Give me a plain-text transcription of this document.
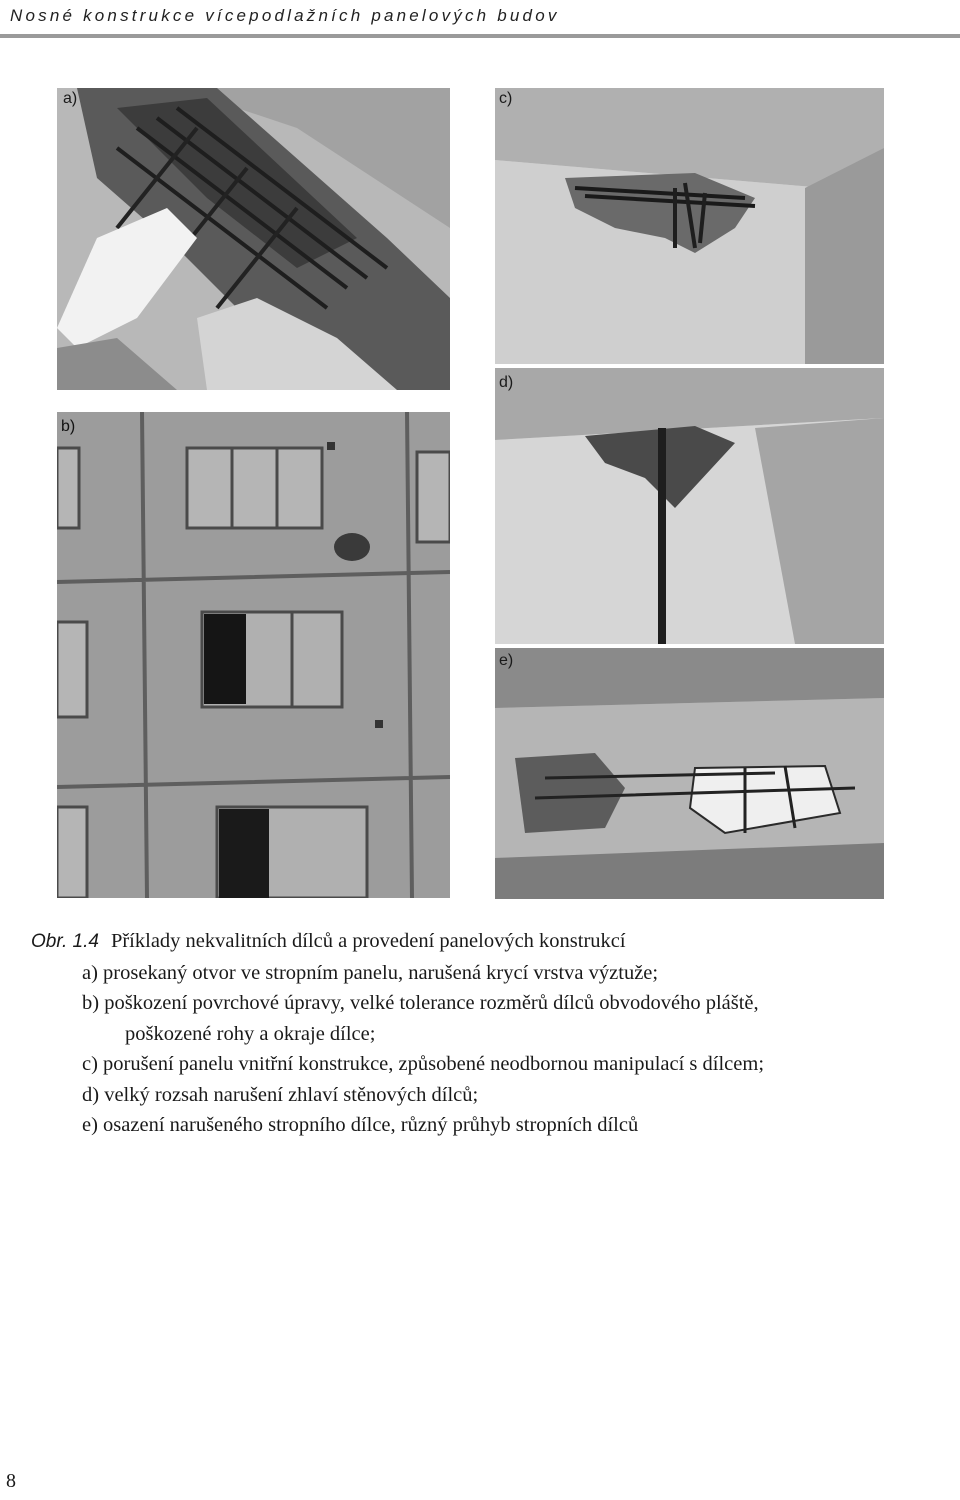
Nosné konstrukce vícepodlažních panelových budov
a)
b)
c)
d)
e)
Obr. 1.4 Příklady nekvalitních dílců a provedení panelových konstrukcí
a) prosekaný otvor ve stropním panelu, narušená krycí vrstva výztuže;
b) poškození povrchové úpravy, velké tolerance rozměrů dílců obvodového pláště,
poškozené rohy a okraje dílce;
c) porušení panelu vnitřní konstrukce, způsobené neodbornou manipulací s dílcem;
d) velký rozsah narušení zhlaví stěnových dílců;
e) osazení narušeného stropního dílce, různý průhyb stropních dílců
8
